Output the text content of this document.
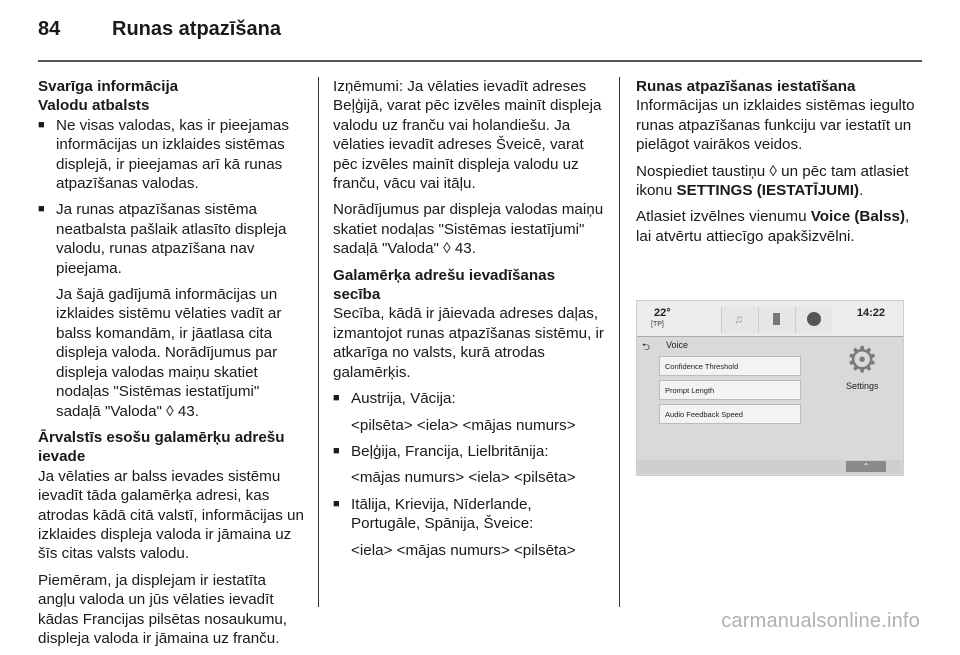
84	Runas atpazīšana
Svarīga informācija
Valodu atbalsts
■ Ne visas valodas, kas ir pieejamas informācijas un izklaides sistēmas displejā, ir pieejamas arī kā runas atpazīšanas valodas.
■ Ja runas atpazīšanas sistēma neatbalsta pašlaik atlasīto displeja valodu, runas atpazīšana nav pieejama.
Ja šajā gadījumā informācijas un izklaides sistēmu vēlaties vadīt ar balss komandām, ir jāatlasa cita displeja valoda. Norādījumus par displeja valodas maiņu skatiet nodaļas "Sistēmas iestatījumi" sadaļā "Valoda" ◊ 43.
Ārvalstīs esošu galamērķu adrešu ievade

Ja vēlaties ar balss ievades sistēmu ievadīt tāda galamērķa adresi, kas atrodas kādā citā valstī, informācijas un izklaides displeja valoda ir jāmaina uz šīs citas valsts valodu.

Piemēram, ja displejam ir iestatīta angļu valoda un jūs vēlaties ievadīt kādas Francijas pilsētas nosaukumu, displeja valoda ir jāmaina uz franču.

Izņēmumi: Ja vēlaties ievadīt adreses Beļģijā, varat pēc izvēles mainīt displeja valodu uz franču vai holandiešu. Ja vēlaties ievadīt adreses Šveicē, varat pēc izvēles mainīt displeja valodu uz franču, vācu vai itāļu.

Norādījumus par displeja valodas maiņu skatiet nodaļas "Sistēmas iestatījumi" sadaļā "Valoda" ◊ 43.

Galamērķa adrešu ievadīšanas secība

Secība, kādā ir jāievada adreses daļas, izmantojot runas atpazīšanas sistēmu, ir atkarīga no valsts, kurā atrodas galamērķis.

■ Austrija, Vācija:
<pilsēta> <iela> <mājas numurs>
■ Beļģija, Francija, Lielbritānija:
<mājas numurs> <iela> <pilsēta>
■ Itālija, Krievija, Nīderlande, Portugāle, Spānija, Šveice:
<iela> <mājas numurs> <pilsēta>
Runas atpazīšanas iestatīšana

Informācijas un izklaides sistēmas iegulto runas atpazīšanas funkciju var iestatīt un pielāgot vairākos veidos.

Nospiediet taustiņu ◊ un pēc tam atlasiet ikonu SETTINGS (IESTATĪJUMI).

Atlasiet izvēlnes vienumu Voice (Balss), lai atvērtu attiecīgo apakšizvēlni.

22°
[TP]	♫	14:22
⮌ Voice
Confidence Threshold
Prompt Length
Audio Feedback Speed
⚙
Settings
⌃
carmanualsonline.info
